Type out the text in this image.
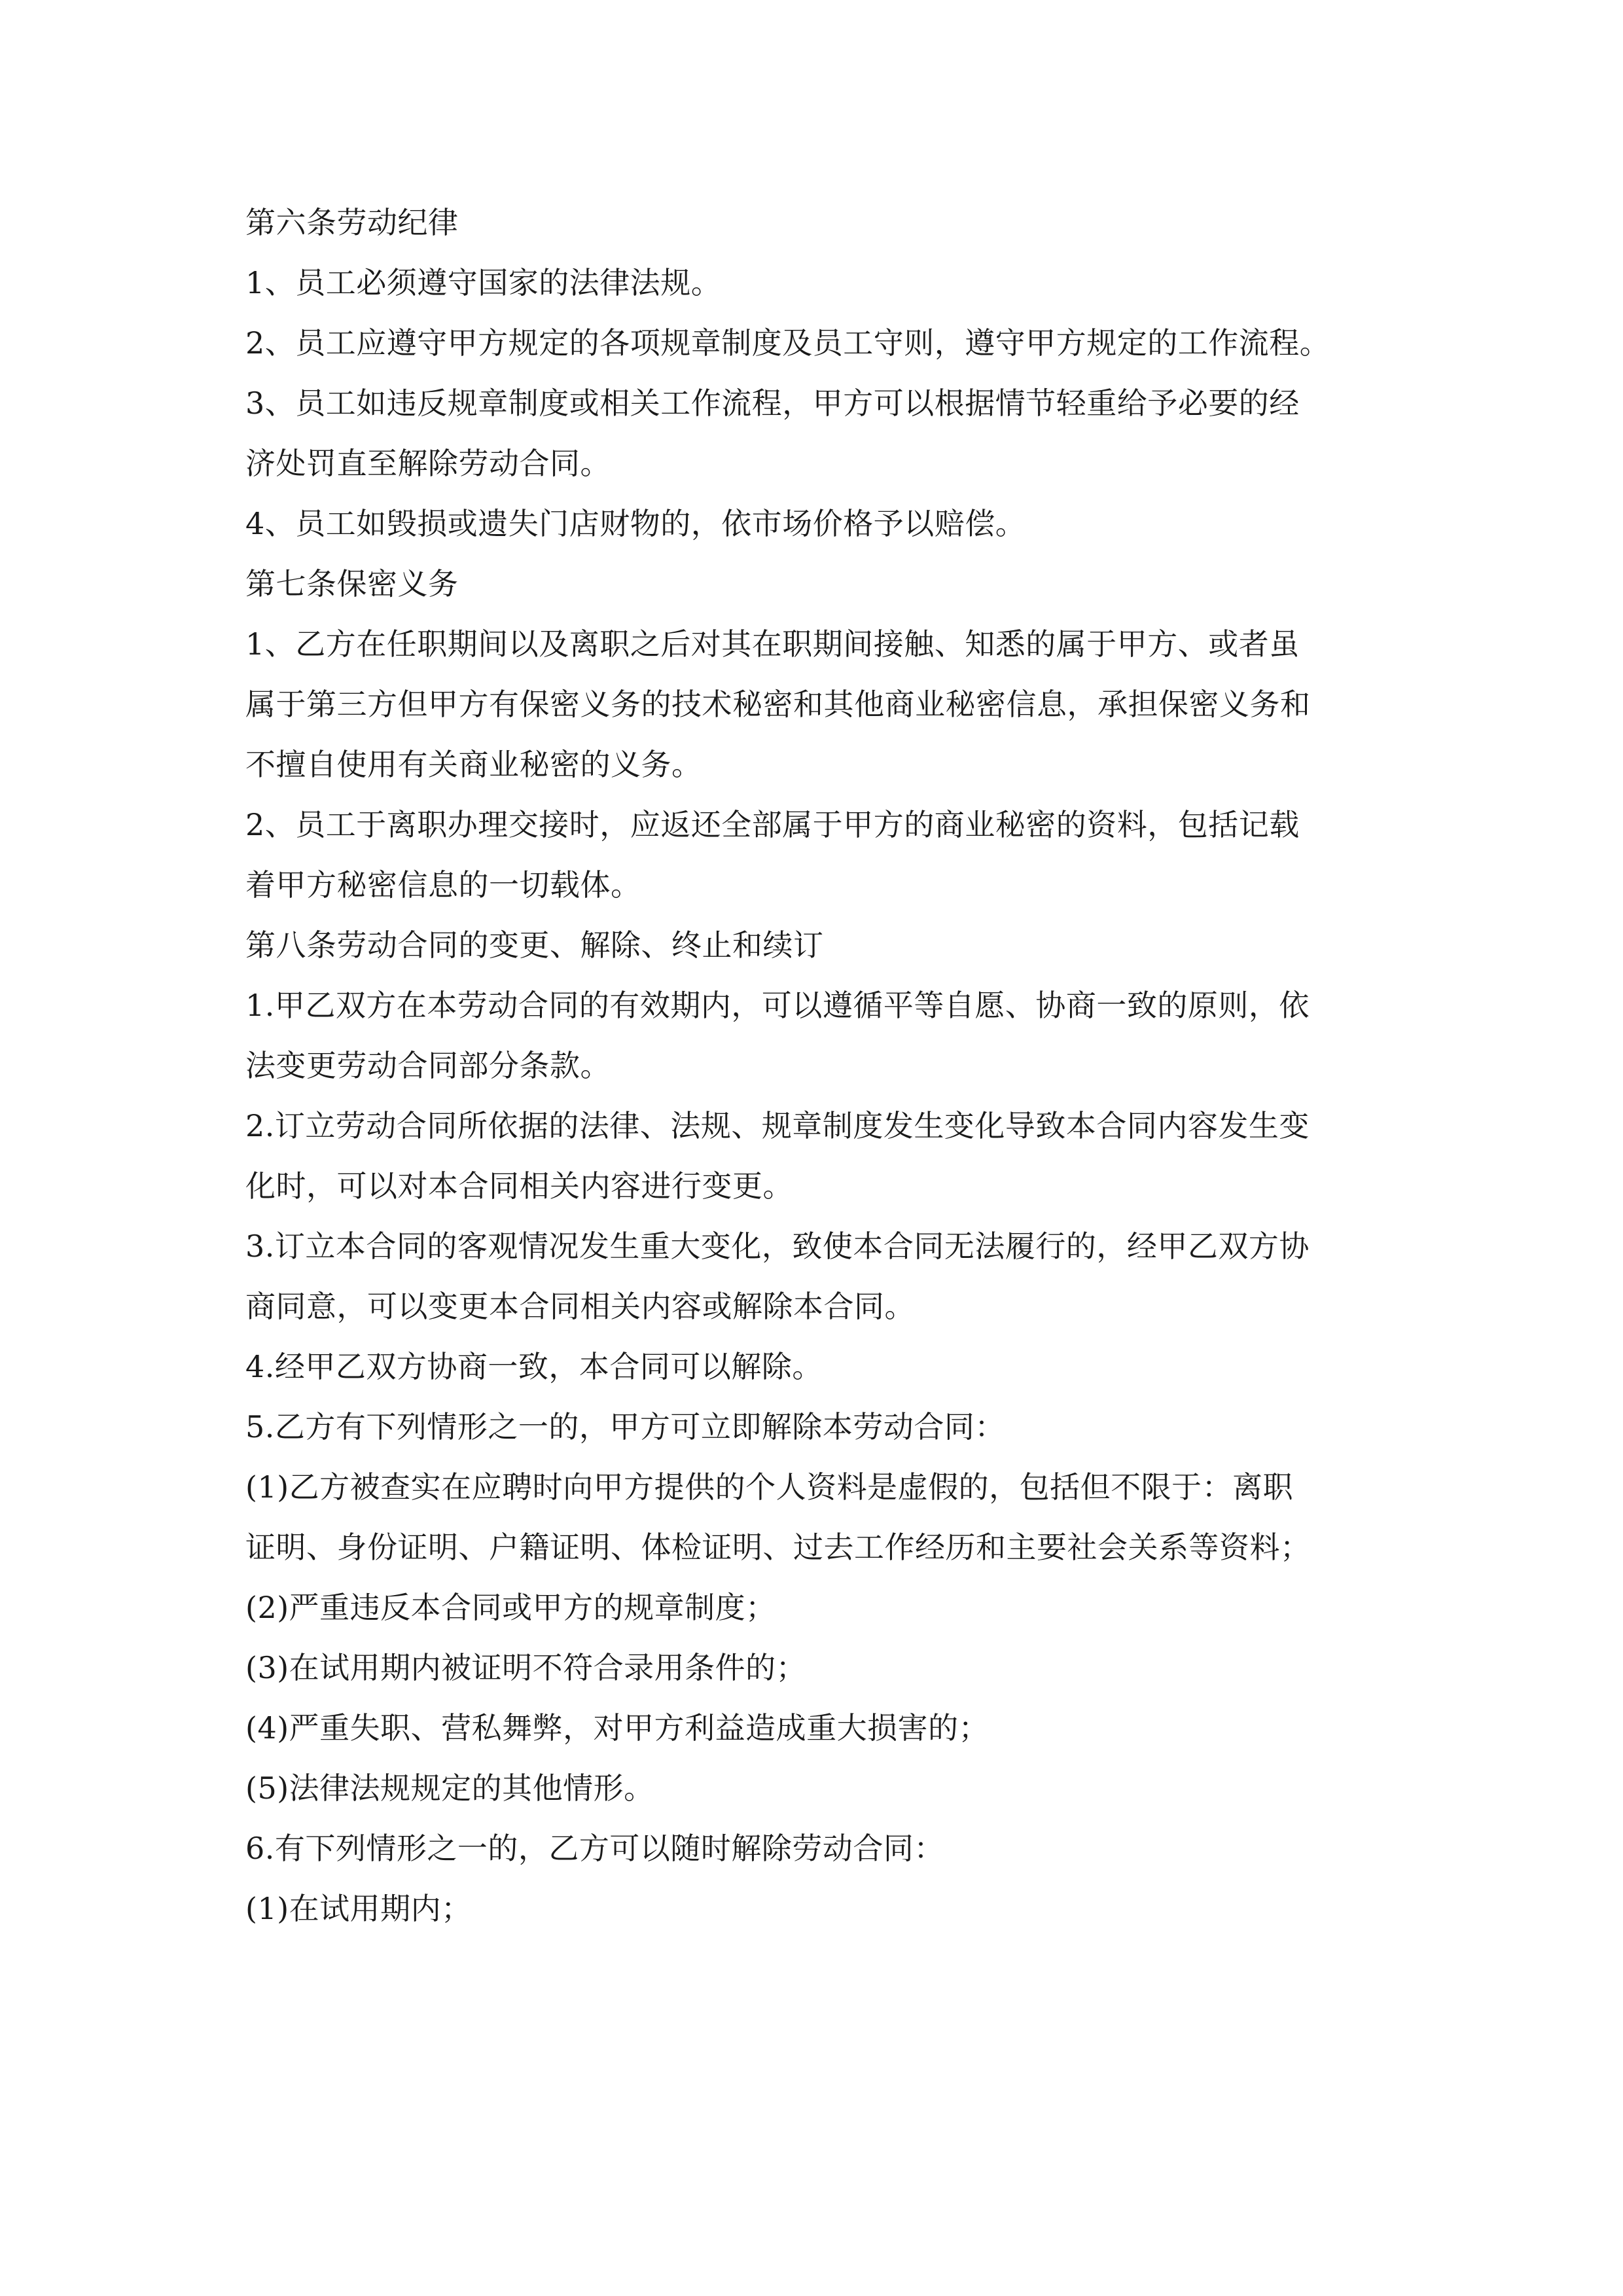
第六条劳动纪律
1、员工必须遵守国家的法律法规。
2、员工应遵守甲方规定的各项规章制度及员工守则，遵守甲方规定的工作流程。
3、员工如违反规章制度或相关工作流程，甲方可以根据情节轻重给予必要的经
济处罚直至解除劳动合同。
4、员工如毁损或遗失门店财物的，依市场价格予以赔偿。
第七条保密义务
1、乙方在任职期间以及离职之后对其在职期间接触、知悉的属于甲方、或者虽
属于第三方但甲方有保密义务的技术秘密和其他商业秘密信息，承担保密义务和
不擅自使用有关商业秘密的义务。
2、员工于离职办理交接时，应返还全部属于甲方的商业秘密的资料，包括记载
着甲方秘密信息的一切载体。
第八条劳动合同的变更、解除、终止和续订
1.甲乙双方在本劳动合同的有效期内，可以遵循平等自愿、协商一致的原则，依
法变更劳动合同部分条款。
2.订立劳动合同所依据的法律、法规、规章制度发生变化导致本合同内容发生变
化时，可以对本合同相关内容进行变更。
3.订立本合同的客观情况发生重大变化，致使本合同无法履行的，经甲乙双方协
商同意，可以变更本合同相关内容或解除本合同。
4.经甲乙双方协商一致，本合同可以解除。
5.乙方有下列情形之一的，甲方可立即解除本劳动合同：
(1)乙方被查实在应聘时向甲方提供的个人资料是虚假的，包括但不限于：离职
证明、身份证明、户籍证明、体检证明、过去工作经历和主要社会关系等资料；
(2)严重违反本合同或甲方的规章制度；
(3)在试用期内被证明不符合录用条件的；
(4)严重失职、营私舞弊，对甲方利益造成重大损害的；
(5)法律法规规定的其他情形。
6.有下列情形之一的，乙方可以随时解除劳动合同：
(1)在试用期内；
